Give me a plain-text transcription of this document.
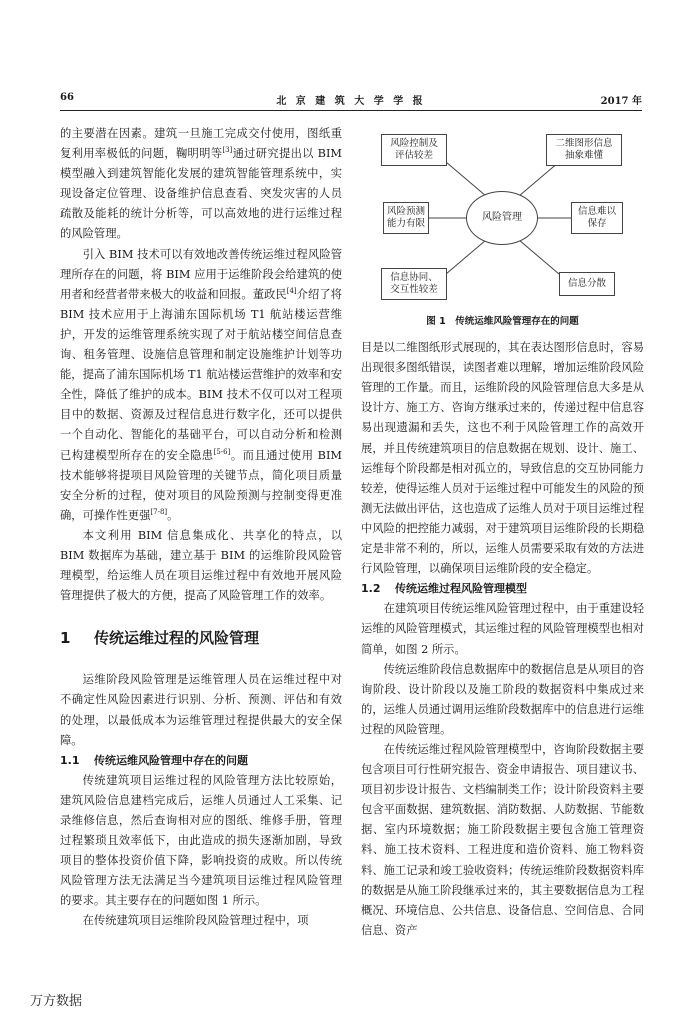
66	北 京 建 筑 大 学 学 报	2017 年

的主要潜在因素。建筑一旦施工完成交付使用，图纸重复利用率极低的问题，鞠明明等[3]通过研究提出以 BIM 模型融入到建筑智能化发展的建筑智能管理系统中，实现设备定位管理、设备维护信息查看、突发灾害的人员疏散及能耗的统计分析等，可以高效地的进行运维过程的风险管理。

引入 BIM 技术可以有效地改善传统运维过程风险管理所存在的问题，将 BIM 应用于运维阶段会给建筑的使用者和经营者带来极大的收益和回报。董政民[4]介绍了将 BIM 技术应用于上海浦东国际机场 T1 航站楼运营维护，开发的运维管理系统实现了对于航站楼空间信息查询、租务管理、设施信息管理和制定设施维护计划等功能，提高了浦东国际机场 T1 航站楼运营维护的效率和安全性，降低了维护的成本。BIM 技术不仅可以对工程项目中的数据、资源及过程信息进行数字化，还可以提供一个自动化、智能化的基础平台，可以自动分析和检测已构建模型所存在的安全隐患[5-6]。而且通过使用 BIM 技术能够将提项目风险管理的关键节点，简化项目质量安全分析的过程，使对项目的风险预测与控制变得更准确，可操作性更强[7-8]。

本文利用 BIM 信息集成化、共享化的特点，以 BIM 数据库为基础，建立基于 BIM 的运维阶段风险管理模型，给运维人员在项目运维过程中有效地开展风险管理提供了极大的方便，提高了风险管理工作的效率。

1 传统运维过程的风险管理

运维阶段风险管理是运维管理人员在运维过程中对不确定性风险因素进行识别、分析、预测、评估和有效的处理，以最低成本为运维管理过程提供最大的安全保障。

1.1 传统运维风险管理中存在的问题

传统建筑项目运维过程的风险管理方法比较原始，建筑风险信息建档完成后，运维人员通过人工采集、记录维修信息，然后查询相对应的图纸、维修手册，管理过程繁琐且效率低下，由此造成的损失逐渐加剧，导致项目的整体投资价值下降，影响投资的成败。所以传统风险管理方法无法满足当今建筑项目运维过程风险管理的要求。其主要存在的问题如图 1 所示。

在传统建筑项目运维阶段风险管理过程中，项

风险控制及
评估较差
二维图形信息
抽象难懂
风险预测
能力有限
风险管理
信息难以
保存
信息协同、
交互性较差
信息分散
图 1　传统运维风险管理存在的问题

目是以二维图纸形式展现的，其在表达图形信息时，容易出现很多图纸错误，读图者难以理解，增加运维阶段风险管理的工作量。而且，运维阶段的风险管理信息大多是从设计方、施工方、咨询方继承过来的，传递过程中信息容易出现遗漏和丢失，这也不利于风险管理工作的高效开展，并且传统建筑项目的信息数据在规划、设计、施工、运维每个阶段都是相对孤立的，导致信息的交互协同能力较差，使得运维人员对于运维过程中可能发生的风险的预测无法做出评估，这也造成了运维人员对于项目运维过程中风险的把控能力减弱，对于建筑项目运维阶段的长期稳定是非常不利的，所以，运维人员需要采取有效的方法进行风险管理，以确保项目运维阶段的安全稳定。

1.2 传统运维过程风险管理模型

在建筑项目传统运维风险管理过程中，由于重建设轻运维的风险管理模式，其运维过程的风险管理模型也相对简单，如图 2 所示。

传统运维阶段信息数据库中的数据信息是从项目的咨询阶段、设计阶段以及施工阶段的数据资料中集成过来的，运维人员通过调用运维阶段数据库中的信息进行运维过程的风险管理。

在传统运维过程风险管理模型中，咨询阶段数据主要包含项目可行性研究报告、资金申请报告、项目建议书、项目初步设计报告、文档编制类工作；设计阶段资料主要包含平面数据、建筑数据、消防数据、人防数据、节能数据、室内环境数据；施工阶段数据主要包含施工管理资料、施工技术资料、工程进度和造价资料、施工物料资料、施工记录和竣工验收资料；传统运维阶段数据资料库的数据是从施工阶段继承过来的，其主要数据信息为工程概况、环境信息、公共信息、设备信息、空间信息、合同信息、资产

万方数据
